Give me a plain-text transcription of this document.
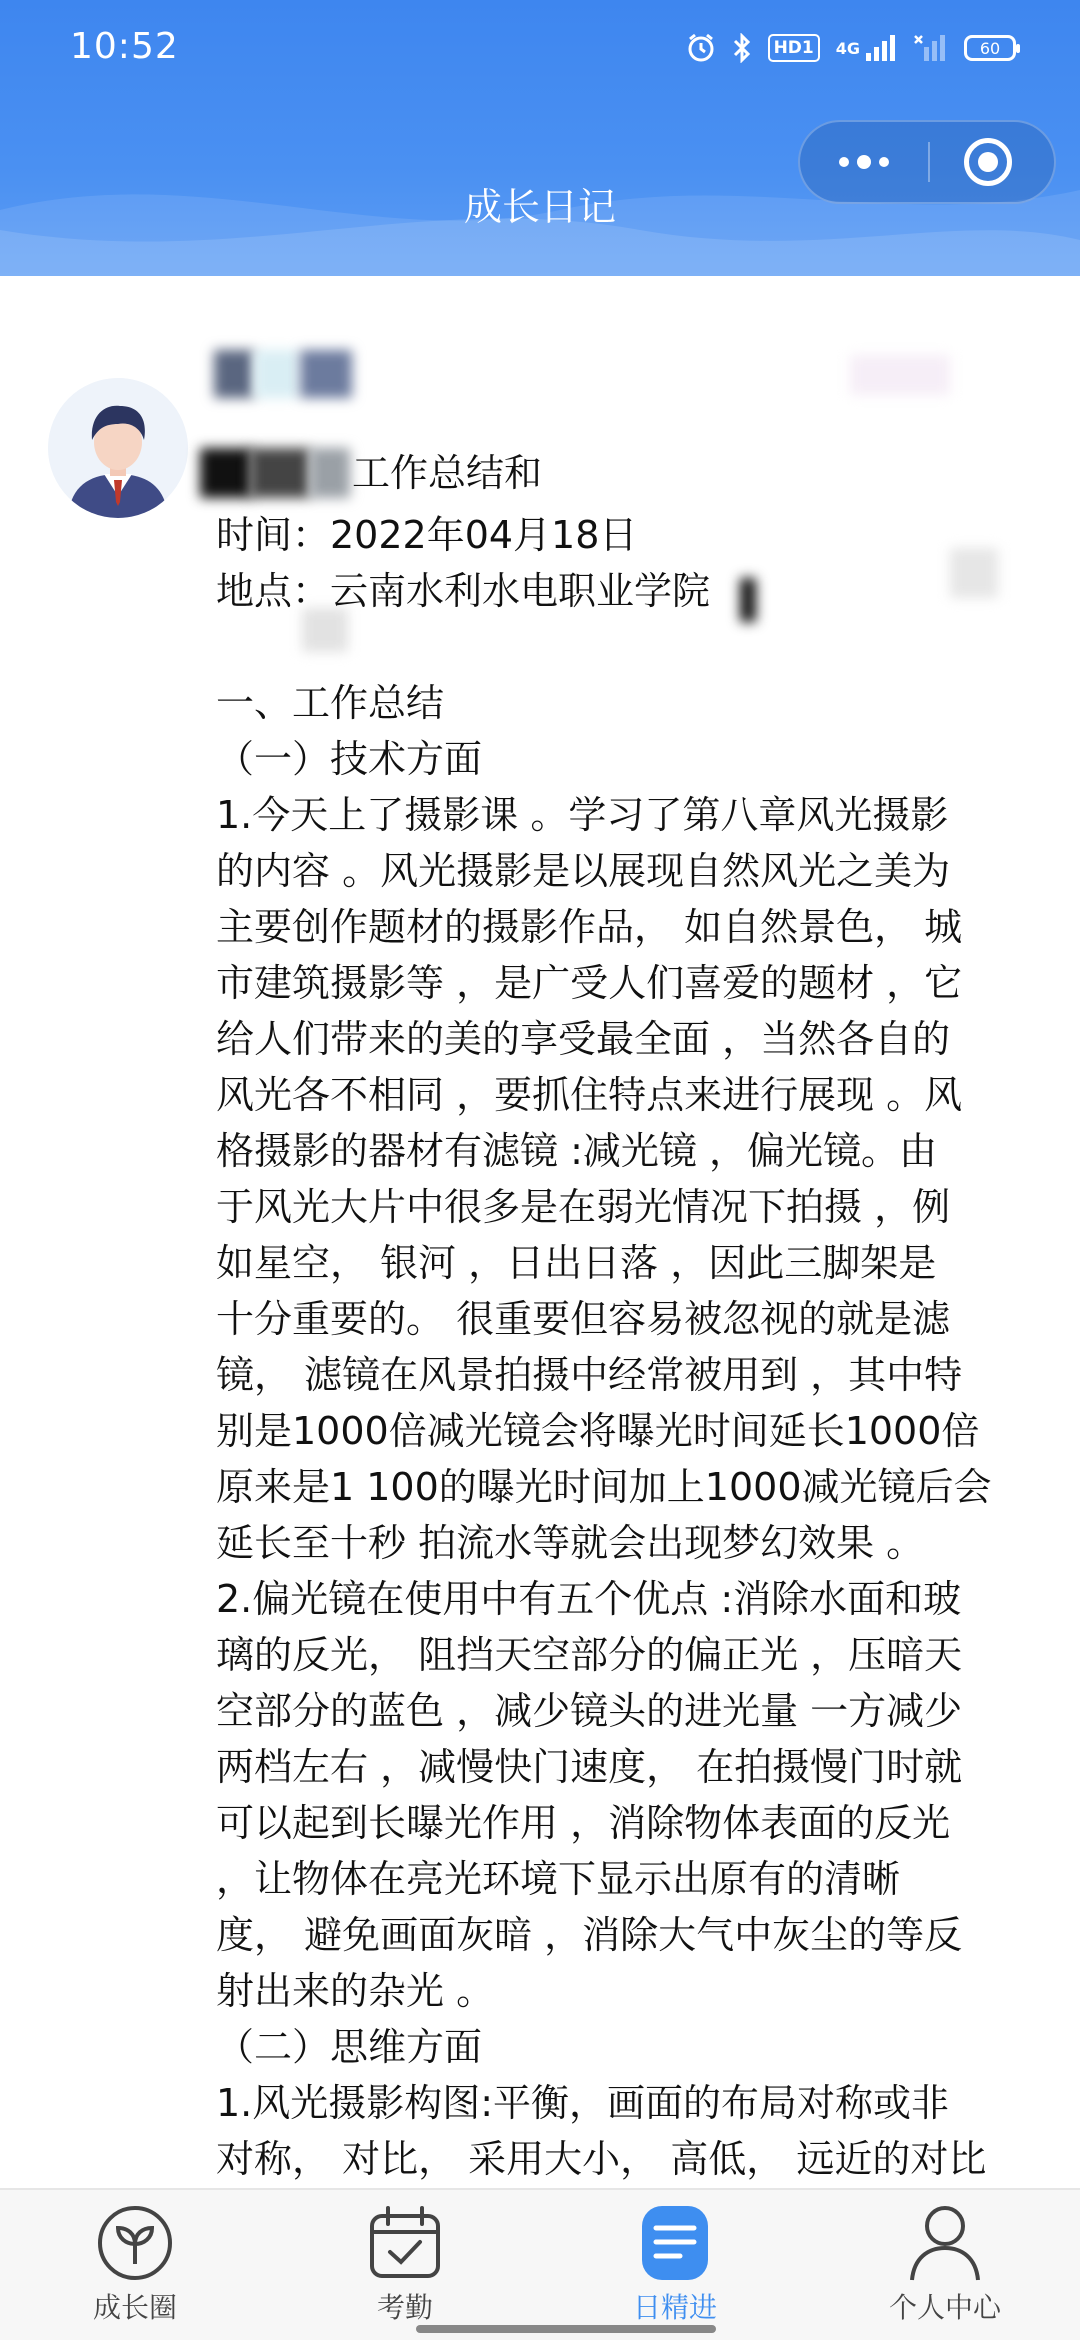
10:52	HD1	4G	60
成长日记
工作总结和
时间：2022年04月18日
地点：云南水利水电职业学院
一、工作总结
（一）技术方面
1.今天上了摄影课 。学习了第八章风光摄影
的内容 。风光摄影是以展现自然风光之美为
主要创作题材的摄影作品， 如自然景色， 城
市建筑摄影等 ，是广受人们喜爱的题材 ，它
给人们带来的美的享受最全面 ，当然各自的
风光各不相同 ，要抓住特点来进行展现 。风
格摄影的器材有滤镜 :减光镜 ，偏光镜。由
于风光大片中很多是在弱光情况下拍摄 ，例
如星空， 银河 ，日出日落 ，因此三脚架是
十分重要的。 很重要但容易被忽视的就是滤
镜， 滤镜在风景拍摄中经常被用到 ，其中特
别是1000倍减光镜会将曝光时间延长1000倍
原来是1 100的曝光时间加上1000减光镜后会
延长至十秒 拍流水等就会出现梦幻效果 。
2.偏光镜在使用中有五个优点 :消除水面和玻
璃的反光， 阻挡天空部分的偏正光 ，压暗天
空部分的蓝色 ，减少镜头的进光量 一方减少
两档左右 ，减慢快门速度， 在拍摄慢门时就
可以起到长曝光作用 ，消除物体表面的反光
，让物体在亮光环境下显示出原有的清晰
度， 避免画面灰暗 ，消除大气中灰尘的等反
射出来的杂光 。
（二）思维方面
1.风光摄影构图:平衡，画面的布局对称或非
对称， 对比， 采用大小， 高低， 远近的对比
成长圈	考勤	日精进	个人中心
